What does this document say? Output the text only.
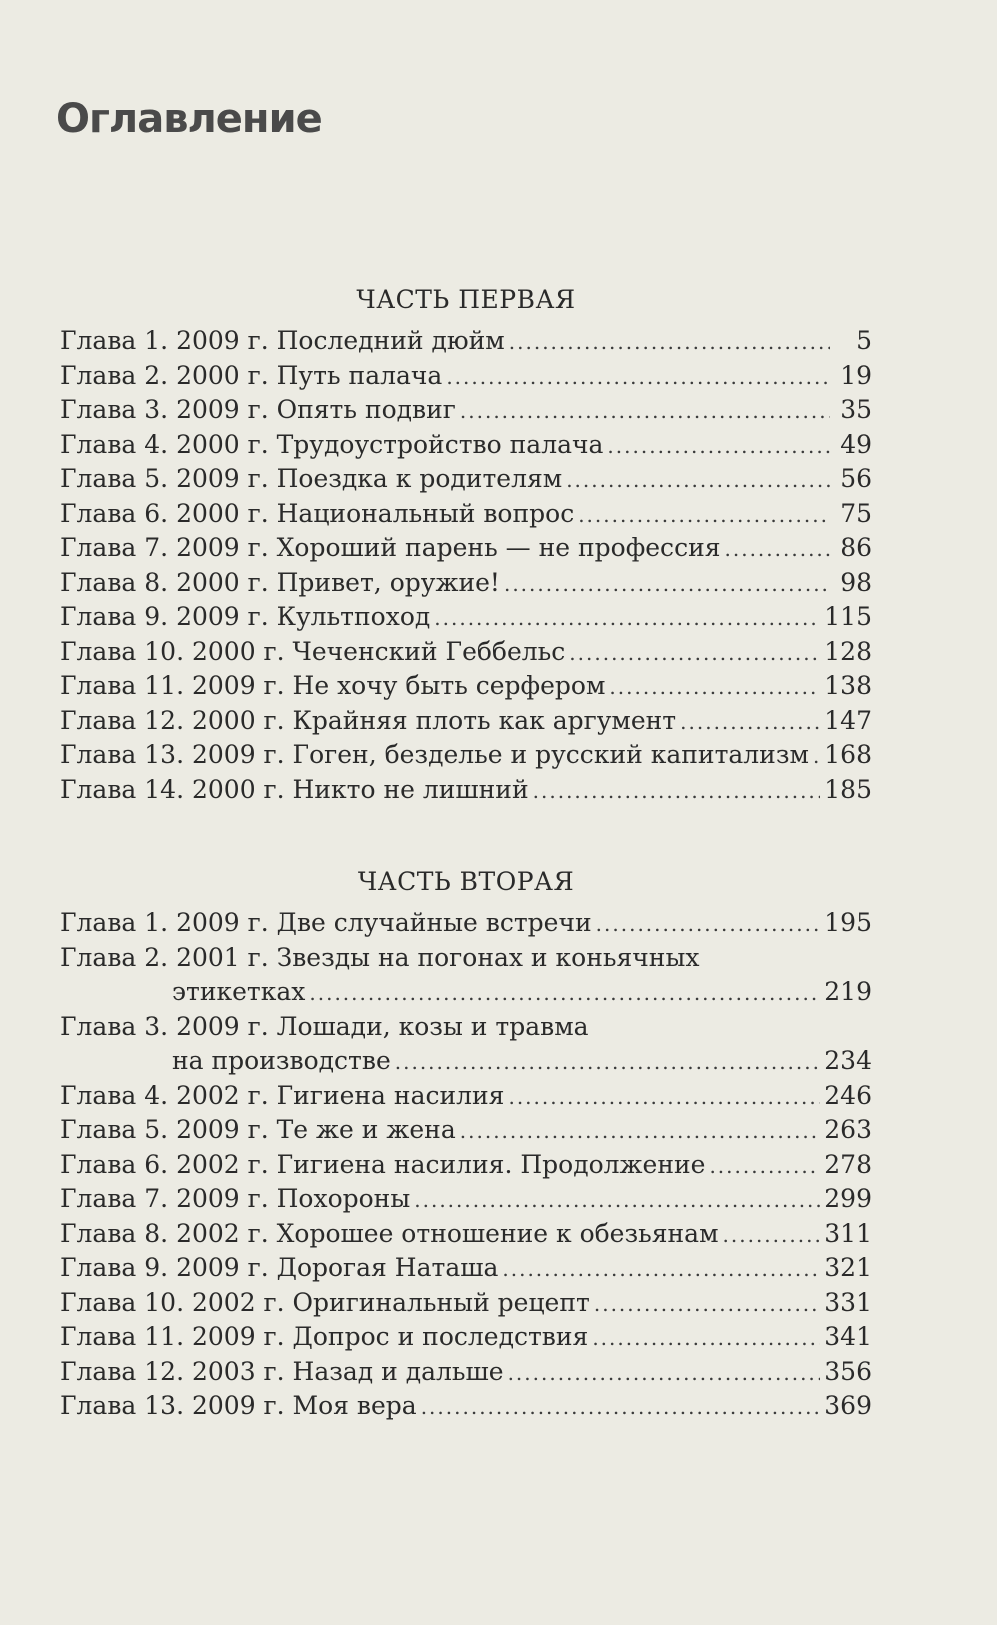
Оглавление
ЧАСТЬ ПЕРВАЯ
Глава 1. 2009 г. Последний дюйм .....	5
Глава 2. 2000 г. Путь палача .....	19
Глава 3. 2009 г. Опять подвиг .....	35
Глава 4. 2000 г. Трудоустройство палача .....	49
Глава 5. 2009 г. Поездка к родителям .....	56
Глава 6. 2000 г. Национальный вопрос .....	75
Глава 7. 2009 г. Хороший парень — не профессия .....	86
Глава 8. 2000 г. Привет, оружие! .....	98
Глава 9. 2009 г. Культпоход .....	115
Глава 10. 2000 г. Чеченский Геббельс .....	128
Глава 11. 2009 г. Не хочу быть серфером .....	138
Глава 12. 2000 г. Крайняя плоть как аргумент .....	147
Глава 13. 2009 г. Гоген, безделье и русский капитализм ..... 168
Глава 14. 2000 г. Никто не лишний .....	185
ЧАСТЬ ВТОРАЯ
Глава 1. 2009 г. Две случайные встречи .....	195
Глава 2. 2001 г. Звезды на погонах и коньячных
этикетках .....	219
Глава 3. 2009 г. Лошади, козы и травма
на производстве .....	234
Глава 4. 2002 г. Гигиена насилия .....	246
Глава 5. 2009 г. Те же и жена .....	263
Глава 6. 2002 г. Гигиена насилия. Продолжение .....	278
Глава 7. 2009 г. Похороны .....	299
Глава 8. 2002 г. Хорошее отношение к обезьянам .....	311
Глава 9. 2009 г. Дорогая Наташа .....	321
Глава 10. 2002 г. Оригинальный рецепт .....	331
Глава 11. 2009 г. Допрос и последствия .....	341
Глава 12. 2003 г. Назад и дальше .....	356
Глава 13. 2009 г. Моя вера .....	369
